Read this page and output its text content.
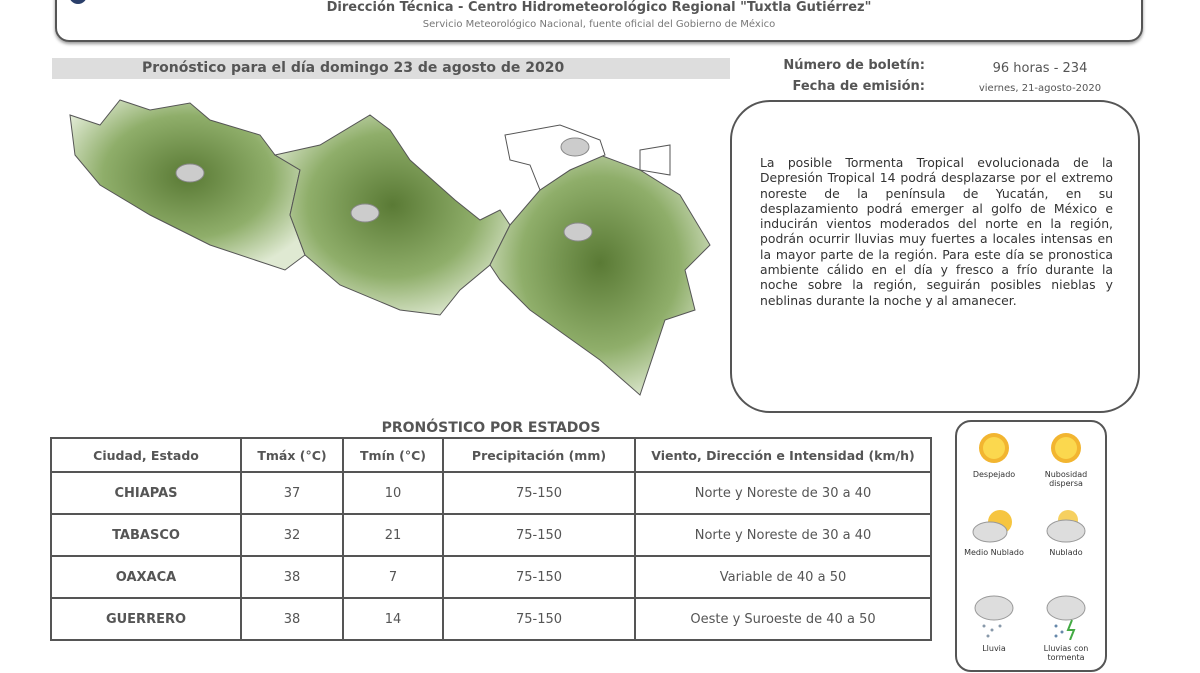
Dirección Técnica - Centro Hidrometeorológico Regional "Tuxtla Gutiérrez"
Servicio Meteorológico Nacional, fuente oficial del Gobierno de México
Pronóstico para el día domingo 23 de agosto de 2020	Número de boletín:	96 horas - 234
Fecha de emisión:	viernes, 21-agosto-2020

La posible Tormenta Tropical evolucionada de la Depresión Tropical 14 podrá desplazarse por el extremo noreste de la península de Yucatán, en su desplazamiento podrá emerger al golfo de México e inducirán vientos moderados del norte en la región, podrán ocurrir lluvias muy fuertes a locales intensas en la mayor parte de la región. Para este día se pronostica ambiente cálido en el día y fresco a frío durante la noche sobre la región, seguirán posibles nieblas y neblinas durante la noche y al amanecer.

PRONÓSTICO POR ESTADOS
Ciudad, Estado	Tmáx (°C)	Tmín (°C)	Precipitación (mm)	Viento, Dirección e Intensidad (km/h)
CHIAPAS	37	10	75-150	Norte y Noreste de 30 a 40
TABASCO	32	21	75-150	Norte y Noreste de 30 a 40
OAXACA	38	7	75-150	Variable de 40 a 50
GUERRERO	38	14	75-150	Oeste y Suroeste de 40 a 50
Despejado	Nubosidad dispersa
Medio Nublado	Nublado
Lluvia	Lluvias con tormenta
